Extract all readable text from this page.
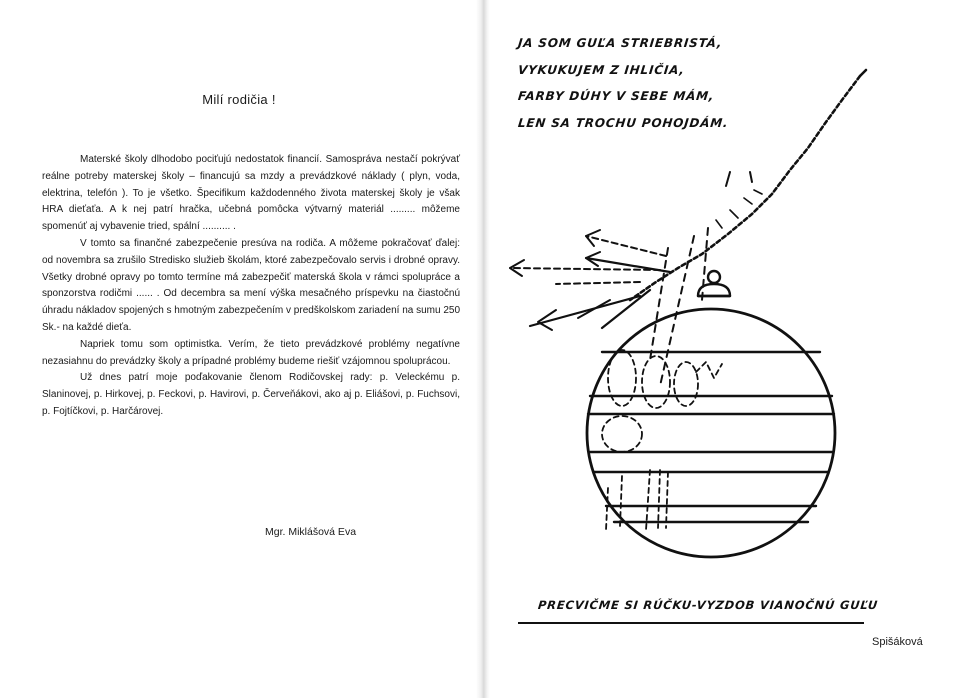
Milí rodičia !

Materské školy dlhodobo pociťujú nedostatok financií. Samospráva nestačí pokrývať reálne potreby materskej školy – financujú sa mzdy a prevádzkové náklady ( plyn, voda, elektrina, telefón ). To je všetko. Špecifikum každodenného života materskej školy je však HRA dieťaťa. A k nej patrí hračka, učebná pomôcka výtvarný materiál ......... môžeme spomenúť aj vybavenie tried, spální .......... .

V tomto sa finančné zabezpečenie presúva na rodiča. A môžeme pokračovať ďalej: od novembra sa zrušilo Stredisko služieb školám, ktoré zabezpečovalo servis i drobné opravy. Všetky drobné opravy po tomto termíne má zabezpečiť materská škola v rámci spolupráce a sponzorstva rodičmi ...... . Od decembra sa mení výška mesačného príspevku na čiastočnú úhradu nákladov spojených s hmotným zabezpečením v predškolskom zariadení na sumu 250 Sk.- na každé dieťa.

Napriek tomu som optimistka. Verím, že tieto prevádzkové problémy negatívne nezasiahnu do prevádzky školy a prípadné problémy budeme riešiť vzájomnou spoluprácou.

Už dnes patrí moje poďakovanie členom Rodičovskej rady: p. Veleckému p. Slaninovej, p. Hirkovej, p. Feckovi, p. Havirovi, p. Červeňákovi, ako aj p. Eliášovi, p. Fuchsovi, p. Fojtíčkovi, p. Harčárovej.

Mgr. Miklášová Eva
JA SOM GUĽA STRIEBRISTÁ,
VYKUKUJEM Z IHLIČIA,
FARBY DÚHY V SEBE MÁM,
LEN SA TROCHU POHOJDÁM.
PRECVIČME SI RÚČKU-VYZDOB VIANOČNÚ GUĽU
Spišáková
